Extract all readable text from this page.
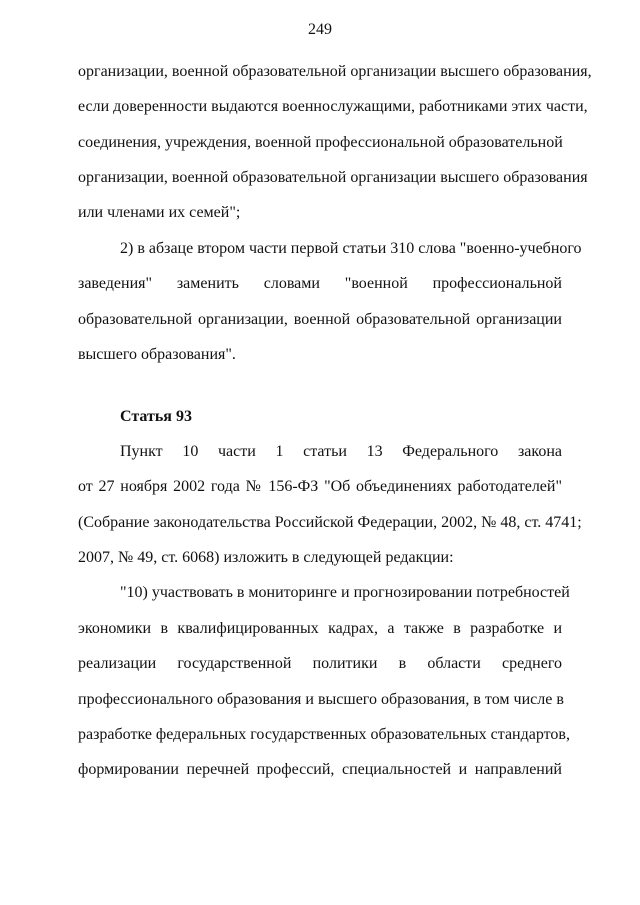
249
организации, военной образовательной организации высшего образования,
если доверенности выдаются военнослужащими, работниками этих части,
соединения, учреждения, военной профессиональной образовательной
организации, военной образовательной организации высшего образования
или членами их семей";
2) в абзаце втором части первой статьи 310 слова "военно-учебного
заведения" заменить словами "военной профессиональной
образовательной организации, военной образовательной организации
высшего образования".
Статья 93
Пункт 10 части 1 статьи 13 Федерального закона
от 27 ноября 2002 года № 156-ФЗ "Об объединениях работодателей"
(Собрание законодательства Российской Федерации, 2002, № 48, ст. 4741;
2007, № 49, ст. 6068) изложить в следующей редакции:
"10) участвовать в мониторинге и прогнозировании потребностей
экономики в квалифицированных кадрах, а также в разработке и
реализации государственной политики в области среднего
профессионального образования и высшего образования, в том числе в
разработке федеральных государственных образовательных стандартов,
формировании перечней профессий, специальностей и направлений
